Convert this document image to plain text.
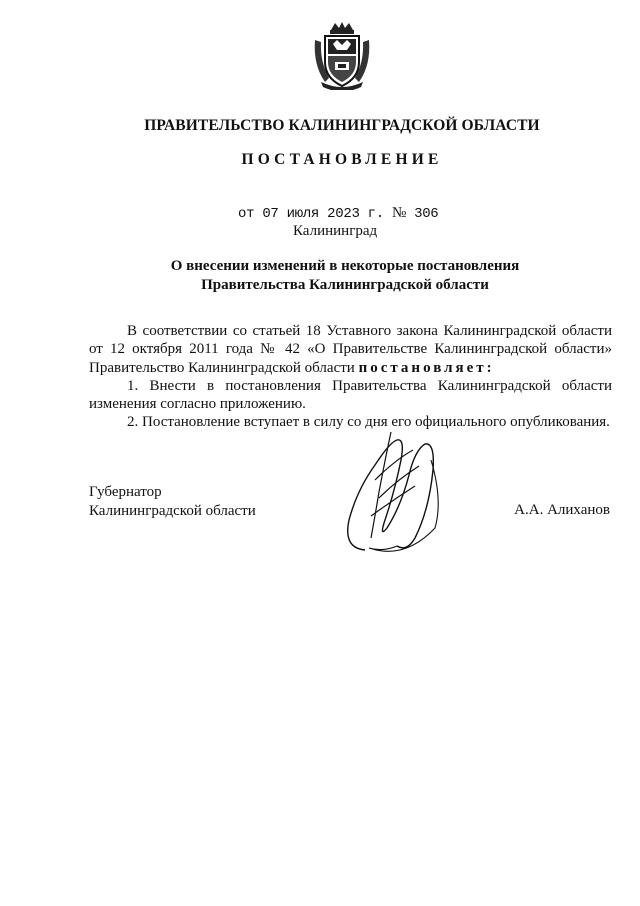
ПРАВИТЕЛЬСТВО КАЛИНИНГРАДСКОЙ ОБЛАСТИ
ПОСТАНОВЛЕНИЕ
от 07 июля 2023 г. № 306
Калининград
О внесении изменений в некоторые постановления
Правительства Калининградской области

В соответствии со статьей 18 Уставного закона Калининградской области от 12 октября 2011 года № 42 «О Правительстве Калининградской области» Правительство Калининградской области постановляет:

1. Внести в постановления Правительства Калининградской области изменения согласно приложению.

2. Постановление вступает в силу со дня его официального опубликования.

Губернатор
Калининградской области	А.А. Алиханов
